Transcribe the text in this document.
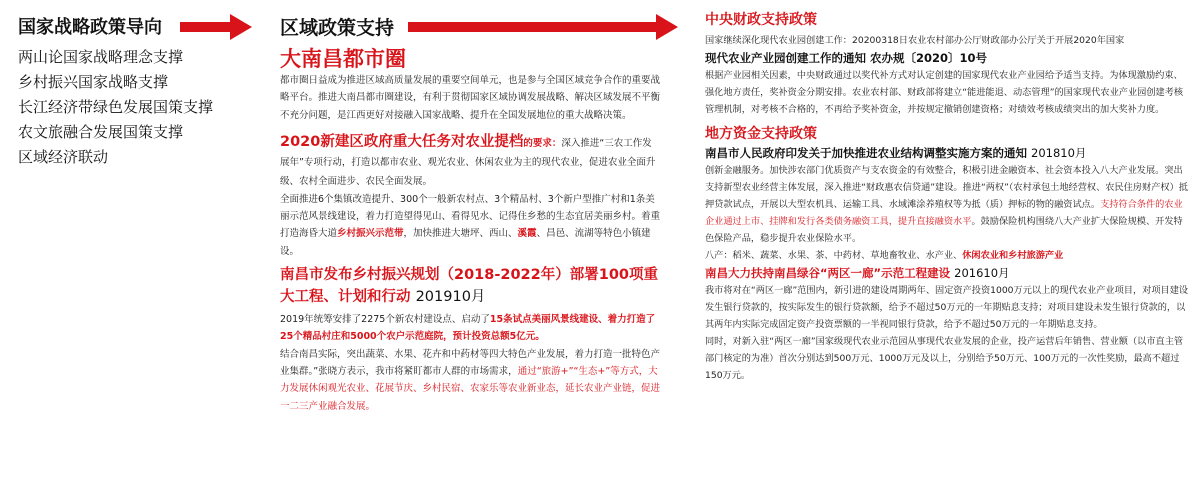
国家战略政策导向
两山论国家战略理念支撑
乡村振兴国家战略支撑
长江经济带绿色发展国策支撑
农文旅融合发展国策支撑
区域经济联动
区域政策支持
大南昌都市圈

都市圈日益成为推进区域高质量发展的重要空间单元，也是参与全国区域竞争合作的重要战略平台。推进大南昌都市圈建设，有利于贯彻国家区域协调发展战略、解决区域发展不平衡不充分问题，是江西更好对接融入国家战略、提升在全国发展地位的重大战略决策。

2020新建区政府重大任务对农业提档的要求：深入推进“三农工作发展年”专项行动，打造以都市农业、观光农业、休闲农业为主的现代农业，促进农业全面升级、农村全面进步、农民全面发展。

全面推进6个集镇改造提升、300个一般新农村点、3个精品村、3个新户型推广村和1条美丽示范风景线建设，着力打造望得见山、看得见水、记得住乡愁的生态宜居美丽乡村。着重打造海昏大道乡村振兴示范带，加快推进大塘坪、西山、溪霞、昌邑、流湖等特色小镇建设。

南昌市发布乡村振兴规划（2018-2022年）部署100项重大工程、计划和行动 201910月

2019年统筹安排了2275个新农村建设点、启动了15条试点美丽风景线建设、着力打造了25个精品村庄和5000个农户示范庭院，预计投资总额5亿元。

结合南昌实际，突出蔬菜、水果、花卉和中药材等四大特色产业发展，着力打造一批特色产业集群。”张晓方表示，我市将紧盯都市人群的市场需求，通过“旅游+”“生态+”等方式，大力发展休闲观光农业、花展节庆、乡村民宿、农家乐等农业新业态，延长农业产业链，促进一二三产业融合发展。

中央财政支持政策

国家继续深化现代农业园创建工作：20200318日农业农村部办公厅财政部办公厅关于开展2020年国家

现代农业产业园创建工作的通知 农办规〔2020〕10号

根据产业园相关因素，中央财政通过以奖代补方式对认定创建的国家现代农业产业园给予适当支持。为体现激励约束、强化地方责任，奖补资金分期安排。农业农村部、财政部将建立“能进能退、动态管理”的国家现代农业产业园创建考核管理机制，对考核不合格的，不再给予奖补资金，并按规定撤销创建资格；对绩效考核成绩突出的加大奖补力度。

地方资金支持政策
南昌市人民政府印发关于加快推进农业结构调整实施方案的通知 201810月

创新金融服务。加快涉农部门优质资产与支农资金的有效整合，积极引进金融资本、社会资本投入八大产业发展。突出支持新型农业经营主体发展，深入推进“财政惠农信贷通”建设。推进“两权”（农村承包土地经营权、农民住房财产权）抵押贷款试点，开展以大型农机具、运输工具、水域滩涂养殖权等为抵（质）押标的物的融资试点。支持符合条件的农业企业通过上市、挂牌和发行各类债务融资工具，提升直接融资水平。鼓励保险机构围绕八大产业扩大保险规模、开发特色保险产品，稳步提升农业保险水平。

八产：稻米、蔬菜、水果、茶、中药材、草地畜牧业、水产业、休闲农业和乡村旅游产业

南昌大力扶持南昌绿谷“两区一廊”示范工程建设 201610月

我市将对在“两区一廊”范围内，新引进的建设周期两年、固定资产投资1000万元以上的现代农业产业项目，对项目建设发生银行贷款的，按实际发生的银行贷款额，给予不超过50万元的一年期贴息支持；对项目建设未发生银行贷款的，以其两年内实际完成固定资产投资票额的一半视同银行贷款，给予不超过50万元的一年期贴息支持。

同时，对新入驻“两区一廊”国家级现代农业示范园从事现代农业发展的企业，投产运营后年销售、营业额（以市直主管部门核定的为准）首次分别达到500万元、1000万元及以上，分别给予50万元、100万元的一次性奖励，最高不超过150万元。
